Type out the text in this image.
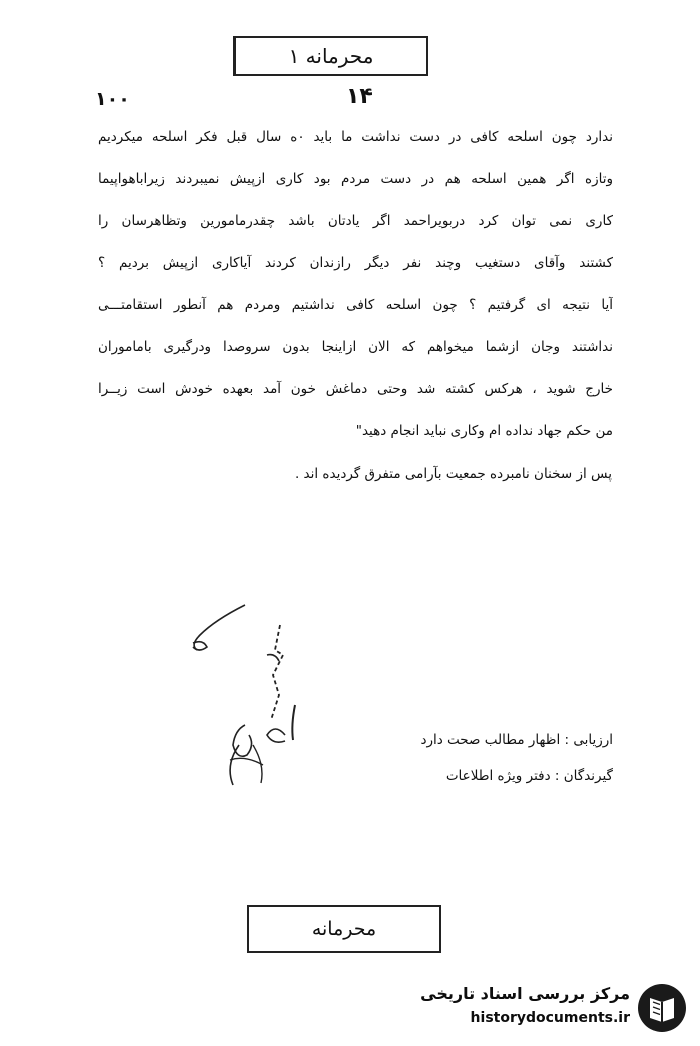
محرمانه ۱
۱۴
۱۰۰
ندارد چون اسلحه کافی در دست نداشت ما باید ۰ه سال قبل فکر اسلحه میکردیم
وتازه اگر همین اسلحه هم در دست مردم بود کاری ازپیش نمیبردند زیراباهواپیما
کاری نمی توان کرد دربویراحمد اگر یادتان باشد چقدرمامورین وتظاهرسان را
کشتند وآقای دستغیب وچند نفر دیگر رازندان کردند آیاکاری ازپیش بردیم ؟
آیا نتیجه ای گرفتیم ؟ چون اسلحه کافی نداشتیم ومردم هم آنطور استقامتـــی
نداشتند وجان ازشما میخواهم که الان ازاینجا بدون سروصدا ودرگیری باماموران
خارج شوید ، هرکس کشته شد وحتی دماغش خون آمد بعهده خودش است زیــرا
من حکم جهاد نداده ام وکاری نباید انجام دهید"
پس از سخنان نامبرده جمعیت بآرامی متفرق گردیده اند .
ارزیابی : اظهار مطالب صحت دارد
گیرندگان : دفتر ویژه اطلاعات
محرمانه
مرکز بررسی اسناد تاریخی
historydocuments.ir
